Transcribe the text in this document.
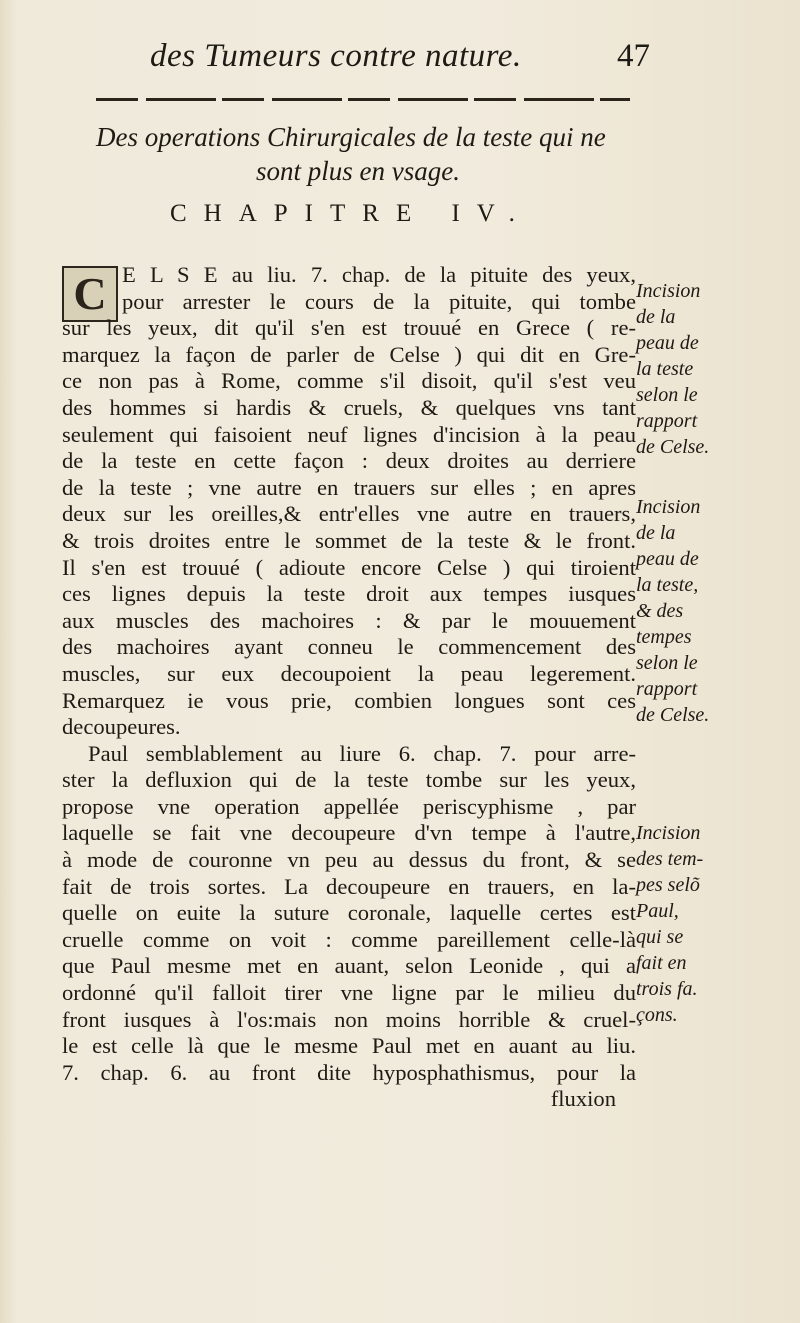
des Tumeurs contre nature.	47
Des operations Chirurgicales de la teste qui ne
sont plus en vsage.
CHAPITRE IV.
C E L S E au liu. 7. chap. de la pituite des yeux,
pour arrester le cours de la pituite, qui tombe
sur les yeux, dit qu'il s'en est trouué en Grece ( re-
marquez la façon de parler de Celse ) qui dit en Gre-
ce non pas à Rome, comme s'il disoit, qu'il s'est veu
des hommes si hardis & cruels, & quelques vns tant
seulement qui faisoient neuf lignes d'incision à la peau
de la teste en cette façon : deux droites au derriere
de la teste ; vne autre en trauers sur elles ; en apres
deux sur les oreilles,& entr'elles vne autre en trauers,
& trois droites entre le sommet de la teste & le front.
Il s'en est trouué ( adioute encore Celse ) qui tiroient
ces lignes depuis la teste droit aux tempes iusques
aux muscles des machoires : & par le mouuement
des machoires ayant conneu le commencement des
muscles, sur eux decoupoient la peau legerement.
Remarquez ie vous prie, combien longues sont ces
decoupeures.
Paul semblablement au liure 6. chap. 7. pour arre-
ster la defluxion qui de la teste tombe sur les yeux,
propose vne operation appellée periscyphisme , par
laquelle se fait vne decoupeure d'vn tempe à l'autre,
à mode de couronne vn peu au dessus du front, & se
fait de trois sortes. La decoupeure en trauers, en la-
quelle on euite la suture coronale, laquelle certes est
cruelle comme on voit : comme pareillement celle-là
que Paul mesme met en auant, selon Leonide , qui a
ordonné qu'il falloit tirer vne ligne par le milieu du
front iusques à l'os:mais non moins horrible & cruel-
le est celle là que le mesme Paul met en auant au liu.
7. chap. 6. au front dite hyposphathismus, pour la
fluxion
Incision
de la
peau de
la teste
selon le
rapport
de Celse.
Incision
de la
peau de
la teste,
& des
tempes
selon le
rapport
de Celse.
Incision
des tem-
pes selõ
Paul,
qui se
fait en
trois fa.
çons.
